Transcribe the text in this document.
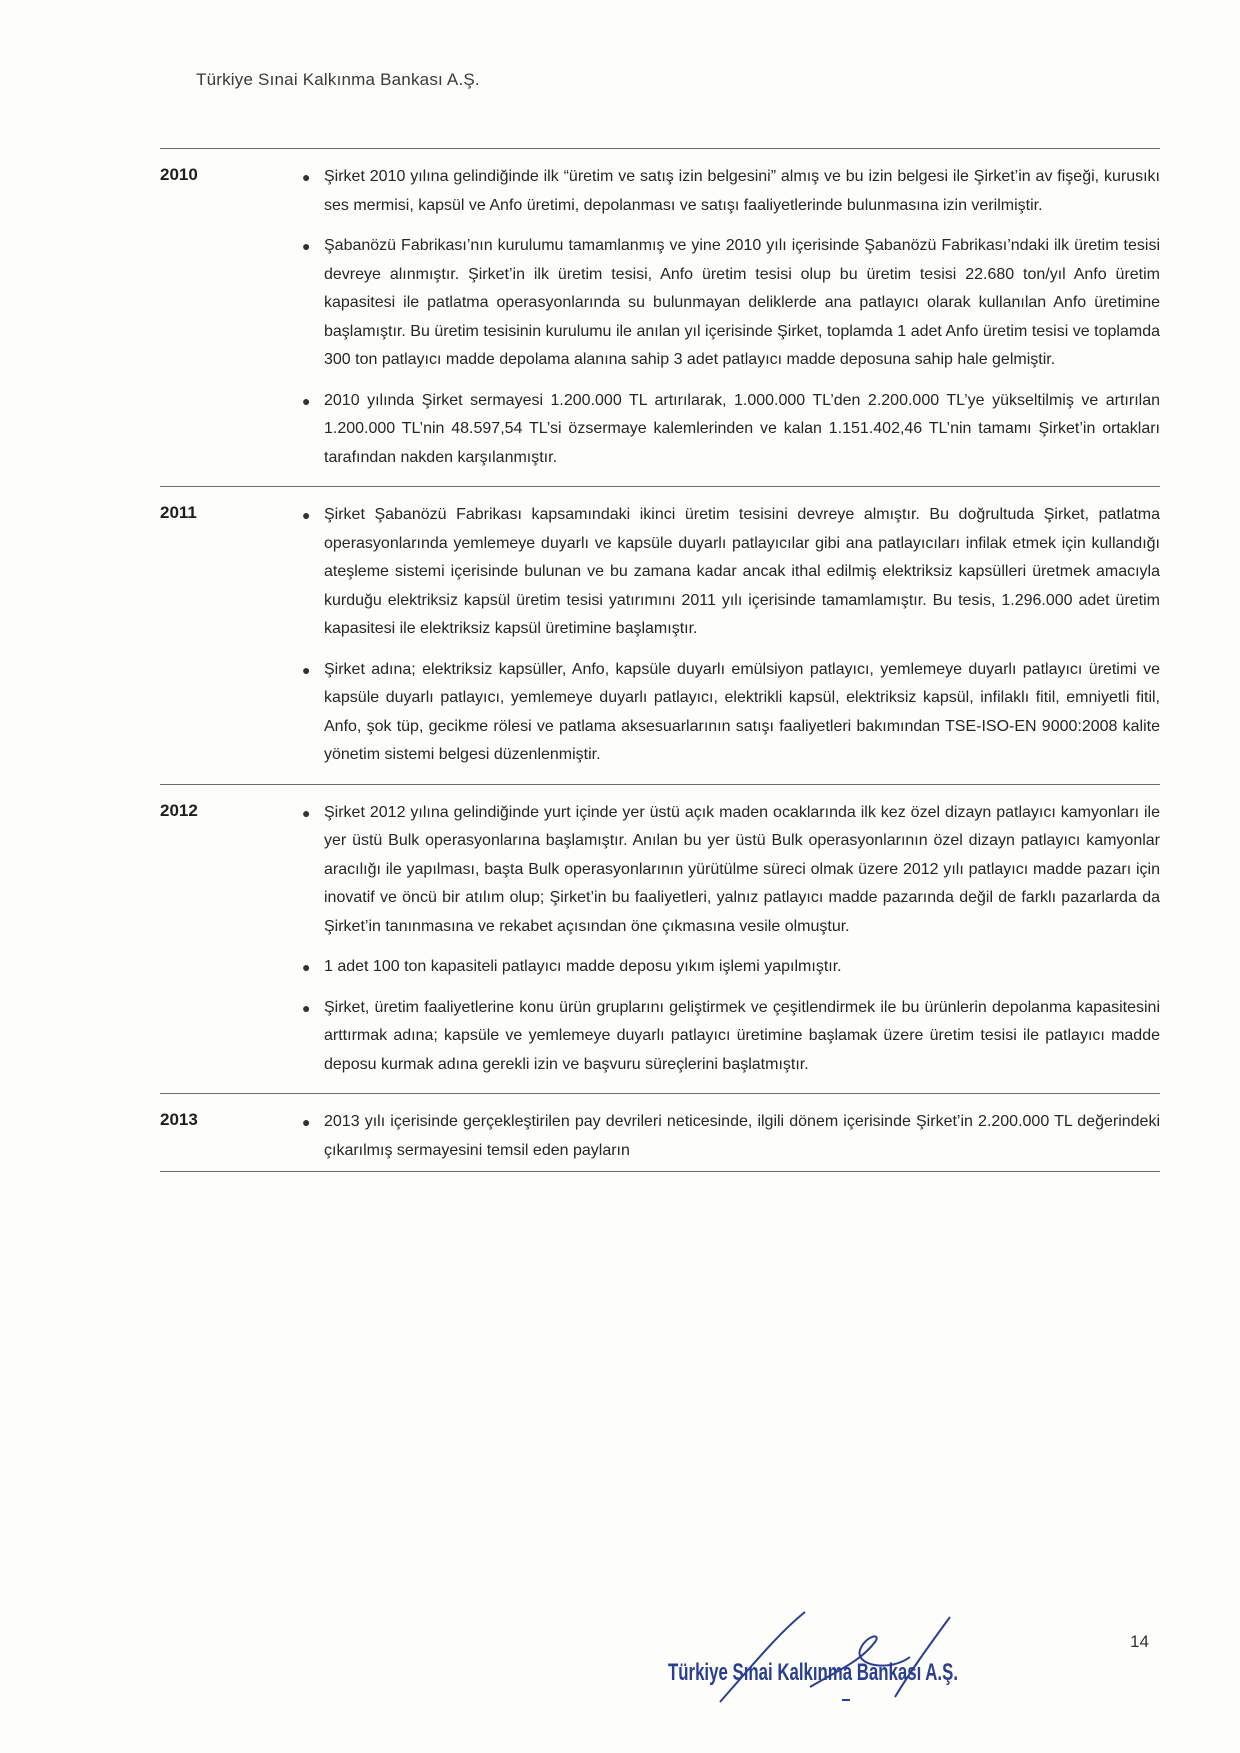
Türkiye Sınai Kalkınma Bankası A.Ş.
2010	● Şirket 2010 yılına gelindiğinde ilk “üretim ve satış izin belgesini” almış ve bu izin belgesi ile Şirket’in av fişeği, kurusıkı ses mermisi, kapsül ve Anfo üretimi, depolanması ve satışı faaliyetlerinde bulunmasına izin verilmiştir.
● Şabanözü Fabrikası’nın kurulumu tamamlanmış ve yine 2010 yılı içerisinde Şabanözü Fabrikası’ndaki ilk üretim tesisi devreye alınmıştır. Şirket’in ilk üretim tesisi, Anfo üretim tesisi olup bu üretim tesisi 22.680 ton/yıl Anfo üretim kapasitesi ile patlatma operasyonlarında su bulunmayan deliklerde ana patlayıcı olarak kullanılan Anfo üretimine başlamıştır. Bu üretim tesisinin kurulumu ile anılan yıl içerisinde Şirket, toplamda 1 adet Anfo üretim tesisi ve toplamda 300 ton patlayıcı madde depolama alanına sahip 3 adet patlayıcı madde deposuna sahip hale gelmiştir.
● 2010 yılında Şirket sermayesi 1.200.000 TL artırılarak, 1.000.000 TL’den 2.200.000 TL’ye yükseltilmiş ve artırılan 1.200.000 TL’nin 48.597,54 TL’si özsermaye kalemlerinden ve kalan 1.151.402,46 TL’nin tamamı Şirket’in ortakları tarafından nakden karşılanmıştır.
2011	● Şirket Şabanözü Fabrikası kapsamındaki ikinci üretim tesisini devreye almıştır. Bu doğrultuda Şirket, patlatma operasyonlarında yemlemeye duyarlı ve kapsüle duyarlı patlayıcılar gibi ana patlayıcıları infilak etmek için kullandığı ateşleme sistemi içerisinde bulunan ve bu zamana kadar ancak ithal edilmiş elektriksiz kapsülleri üretmek amacıyla kurduğu elektriksiz kapsül üretim tesisi yatırımını 2011 yılı içerisinde tamamlamıştır. Bu tesis, 1.296.000 adet üretim kapasitesi ile elektriksiz kapsül üretimine başlamıştır.
● Şirket adına; elektriksiz kapsüller, Anfo, kapsüle duyarlı emülsiyon patlayıcı, yemlemeye duyarlı patlayıcı üretimi ve kapsüle duyarlı patlayıcı, yemlemeye duyarlı patlayıcı, elektrikli kapsül, elektriksiz kapsül, infilaklı fitil, emniyetli fitil, Anfo, şok tüp, gecikme rölesi ve patlama aksesuarlarının satışı faaliyetleri bakımından TSE-ISO-EN 9000:2008 kalite yönetim sistemi belgesi düzenlenmiştir.
2012	● Şirket 2012 yılına gelindiğinde yurt içinde yer üstü açık maden ocaklarında ilk kez özel dizayn patlayıcı kamyonları ile yer üstü Bulk operasyonlarına başlamıştır. Anılan bu yer üstü Bulk operasyonlarının özel dizayn patlayıcı kamyonlar aracılığı ile yapılması, başta Bulk operasyonlarının yürütülme süreci olmak üzere 2012 yılı patlayıcı madde pazarı için inovatif ve öncü bir atılım olup; Şirket’in bu faaliyetleri, yalnız patlayıcı madde pazarında değil de farklı pazarlarda da Şirket’in tanınmasına ve rekabet açısından öne çıkmasına vesile olmuştur.
● 1 adet 100 ton kapasiteli patlayıcı madde deposu yıkım işlemi yapılmıştır.
● Şirket, üretim faaliyetlerine konu ürün gruplarını geliştirmek ve çeşitlendirmek ile bu ürünlerin depolanma kapasitesini arttırmak adına; kapsüle ve yemlemeye duyarlı patlayıcı üretimine başlamak üzere üretim tesisi ile patlayıcı madde deposu kurmak adına gerekli izin ve başvuru süreçlerini başlatmıştır.
2013	● 2013 yılı içerisinde gerçekleştirilen pay devrileri neticesinde, ilgili dönem içerisinde Şirket’in 2.200.000 TL değerindeki çıkarılmış sermayesini temsil eden payların
Türkiye Sınai Kalkınma Bankası A.Ş.
14
